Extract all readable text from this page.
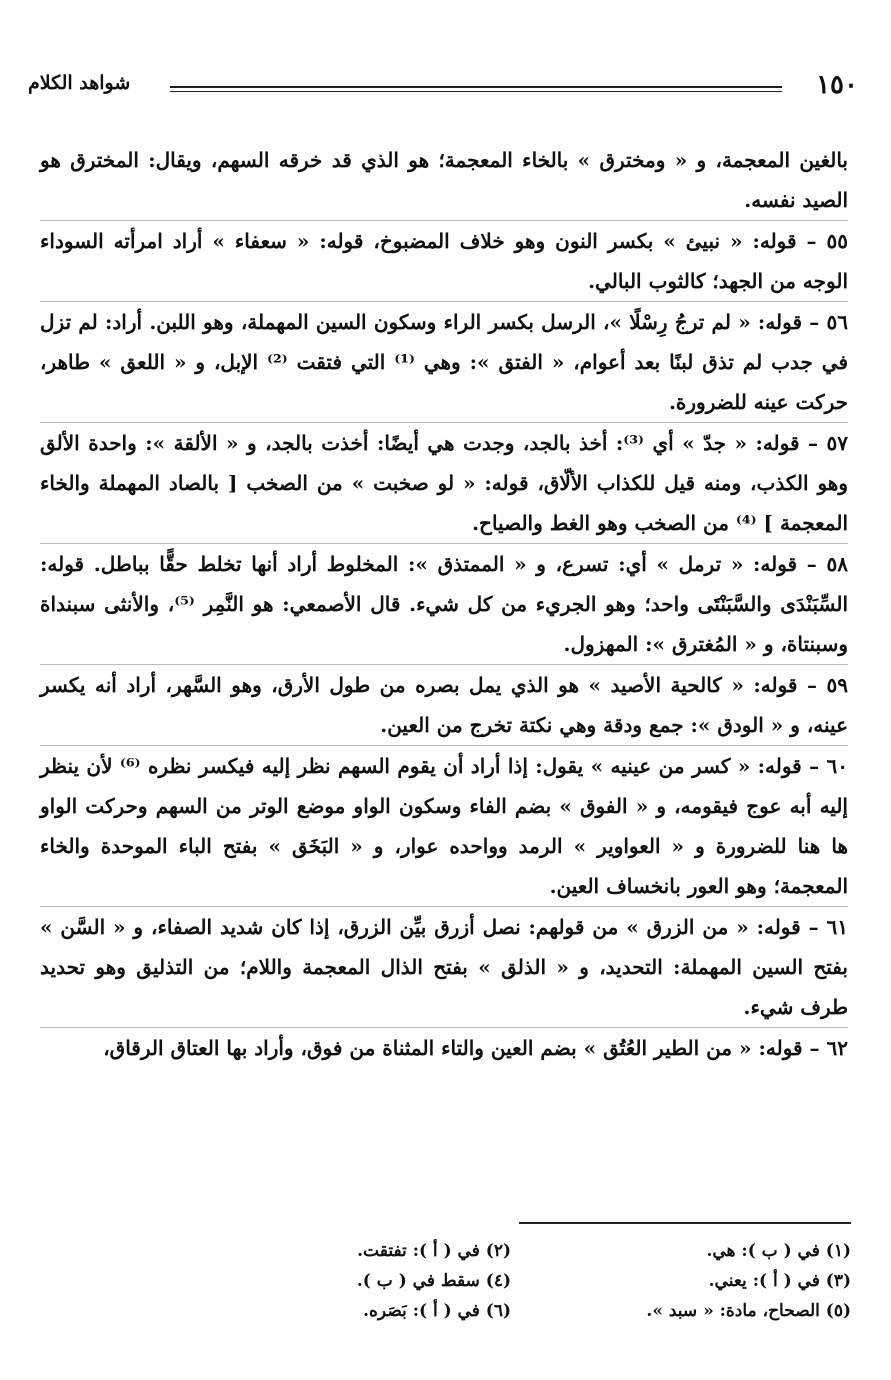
١٥٠
شواهد الكلام

بالغين المعجمة، و « ومخترق » بالخاء المعجمة؛ هو الذي قد خرقه السهم، ويقال: المخترق هو الصيد نفسه.

٥٥ – قوله: « نبيئ » بكسر النون وهو خلاف المضبوخ، قوله: « سعفاء » أراد امرأته السوداء الوجه من الجهد؛ كالثوب البالي.

٥٦ – قوله: « لم ترجُ رِسْلًا »، الرسل بكسر الراء وسكون السين المهملة، وهو اللبن. أراد: لم تزل في جدب لم تذق لبنًا بعد أعوام، « الفتق »: وهي ⁽¹⁾ التي فتقت ⁽²⁾ الإبل، و « اللعق » طاهر، حركت عينه للضرورة.

٥٧ – قوله: « جدّ » أي ⁽³⁾: أخذ بالجد، وجدت هي أيضًا: أخذت بالجد، و « الألقة »: واحدة الألق وهو الكذب، ومنه قيل للكذاب الألّاق، قوله: « لو صخبت » من الصخب [ بالصاد المهملة والخاء المعجمة ] ⁽⁴⁾ من الصخب وهو الغط والصياح.

٥٨ – قوله: « ترمل » أي: تسرع، و « الممتذق »: المخلوط أراد أنها تخلط حقًّا بباطل. قوله: السِّبَنْدَى والسَّبَنْتَى واحد؛ وهو الجريء من كل شيء. قال الأصمعي: هو النَّمِر ⁽⁵⁾، والأنثى سبنداة وسبنتاة، و « المُغترق »: المهزول.

٥٩ – قوله: « كالحية الأصيد » هو الذي يمل بصره من طول الأرق، وهو السَّهر، أراد أنه يكسر عينه، و « الودق »: جمع ودقة وهي نكتة تخرج من العين.

٦٠ – قوله: « كسر من عينيه » يقول: إذا أراد أن يقوم السهم نظر إليه فيكسر نظره ⁽⁶⁾ لأن ينظر إليه أبه عوج فيقومه، و « الفوق » بضم الفاء وسكون الواو موضع الوتر من السهم وحركت الواو ها هنا للضرورة و « العواوير » الرمد وواحده عوار، و « البَخَق » بفتح الباء الموحدة والخاء المعجمة؛ وهو العور بانخساف العين.

٦١ – قوله: « من الزرق » من قولهم: نصل أزرق بيِّن الزرق، إذا كان شديد الصفاء، و « السَّن » بفتح السين المهملة: التحديد، و « الذلق » بفتح الذال المعجمة واللام؛ من التذليق وهو تحديد طرف شيء.

٦٢ – قوله: « من الطير العُتُق » بضم العين والتاء المثناة من فوق، وأراد بها العتاق الرقاق،

(١) في ( ب ): هي.
(٢) في ( أ ): تفتقت.
(٣) في ( أ ): يعني.
(٤) سقط في ( ب ).
(٥) الصحاح، مادة: « سبد ».
(٦) في ( أ ): بَصَره.
